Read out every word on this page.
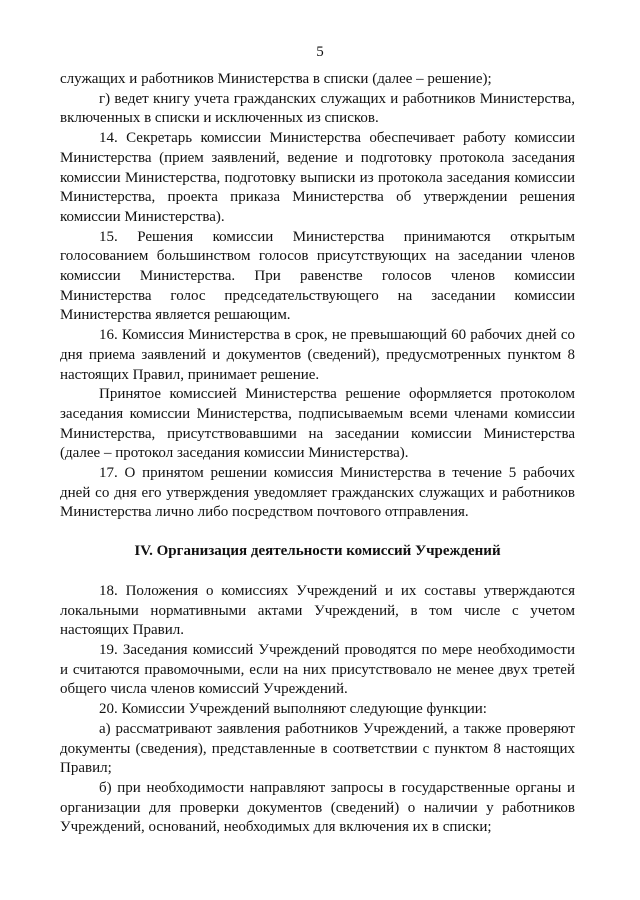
5

служащих и работников Министерства в списки (далее – решение);

г) ведет книгу учета гражданских служащих и работников Министерства, включенных в списки и исключенных из списков.

14. Секретарь комиссии Министерства обеспечивает работу комиссии Министерства (прием заявлений, ведение и подготовку протокола заседания комиссии Министерства, подготовку выписки из протокола заседания комиссии Министерства, проекта приказа Министерства об утверждении решения комиссии Министерства).

15. Решения комиссии Министерства принимаются открытым голосованием большинством голосов присутствующих на заседании членов комиссии Министерства. При равенстве голосов членов комиссии Министерства голос председательствующего на заседании комиссии Министерства является решающим.

16. Комиссия Министерства в срок, не превышающий 60 рабочих дней со дня приема заявлений и документов (сведений), предусмотренных пунктом 8 настоящих Правил, принимает решение.

Принятое комиссией Министерства решение оформляется протоколом заседания комиссии Министерства, подписываемым всеми членами комиссии Министерства, присутствовавшими на заседании комиссии Министерства (далее – протокол заседания комиссии Министерства).

17. О принятом решении комиссия Министерства в течение 5 рабочих дней со дня его утверждения уведомляет гражданских служащих и работников Министерства лично либо посредством почтового отправления.

IV. Организация деятельности комиссий Учреждений

18. Положения о комиссиях Учреждений и их составы утверждаются локальными нормативными актами Учреждений, в том числе с учетом настоящих Правил.

19. Заседания комиссий Учреждений проводятся по мере необходимости и считаются правомочными, если на них присутствовало не менее двух третей общего числа членов комиссий Учреждений.

20. Комиссии Учреждений выполняют следующие функции:

а) рассматривают заявления работников Учреждений, а также проверяют документы (сведения), представленные в соответствии с пунктом 8 настоящих Правил;

б) при необходимости направляют запросы в государственные органы и организации для проверки документов (сведений) о наличии у работников Учреждений, оснований, необходимых для включения их в списки;
